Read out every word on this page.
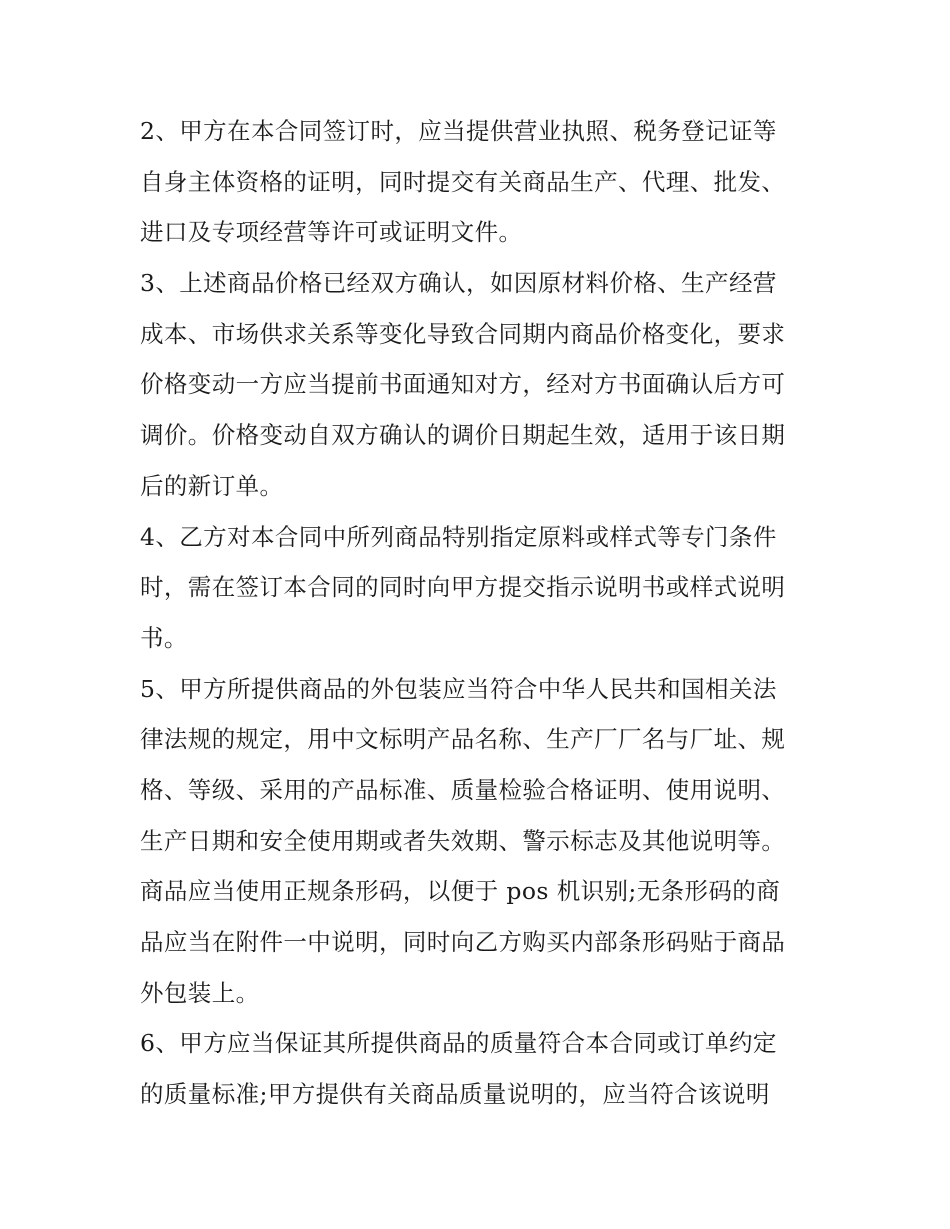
2、甲方在本合同签订时，应当提供营业执照、税务登记证等
自身主体资格的证明，同时提交有关商品生产、代理、批发、
进口及专项经营等许可或证明文件。
3、上述商品价格已经双方确认，如因原材料价格、生产经营
成本、市场供求关系等变化导致合同期内商品价格变化，要求
价格变动一方应当提前书面通知对方，经对方书面确认后方可
调价。价格变动自双方确认的调价日期起生效，适用于该日期
后的新订单。
4、乙方对本合同中所列商品特别指定原料或样式等专门条件
时，需在签订本合同的同时向甲方提交指示说明书或样式说明
书。
5、甲方所提供商品的外包装应当符合中华人民共和国相关法
律法规的规定，用中文标明产品名称、生产厂厂名与厂址、规
格、等级、采用的产品标准、质量检验合格证明、使用说明、
生产日期和安全使用期或者失效期、警示标志及其他说明等。
商品应当使用正规条形码，以便于 pos 机识别;无条形码的商
品应当在附件一中说明，同时向乙方购买内部条形码贴于商品
外包装上。
6、甲方应当保证其所提供商品的质量符合本合同或订单约定
的质量标准;甲方提供有关商品质量说明的，应当符合该说明
